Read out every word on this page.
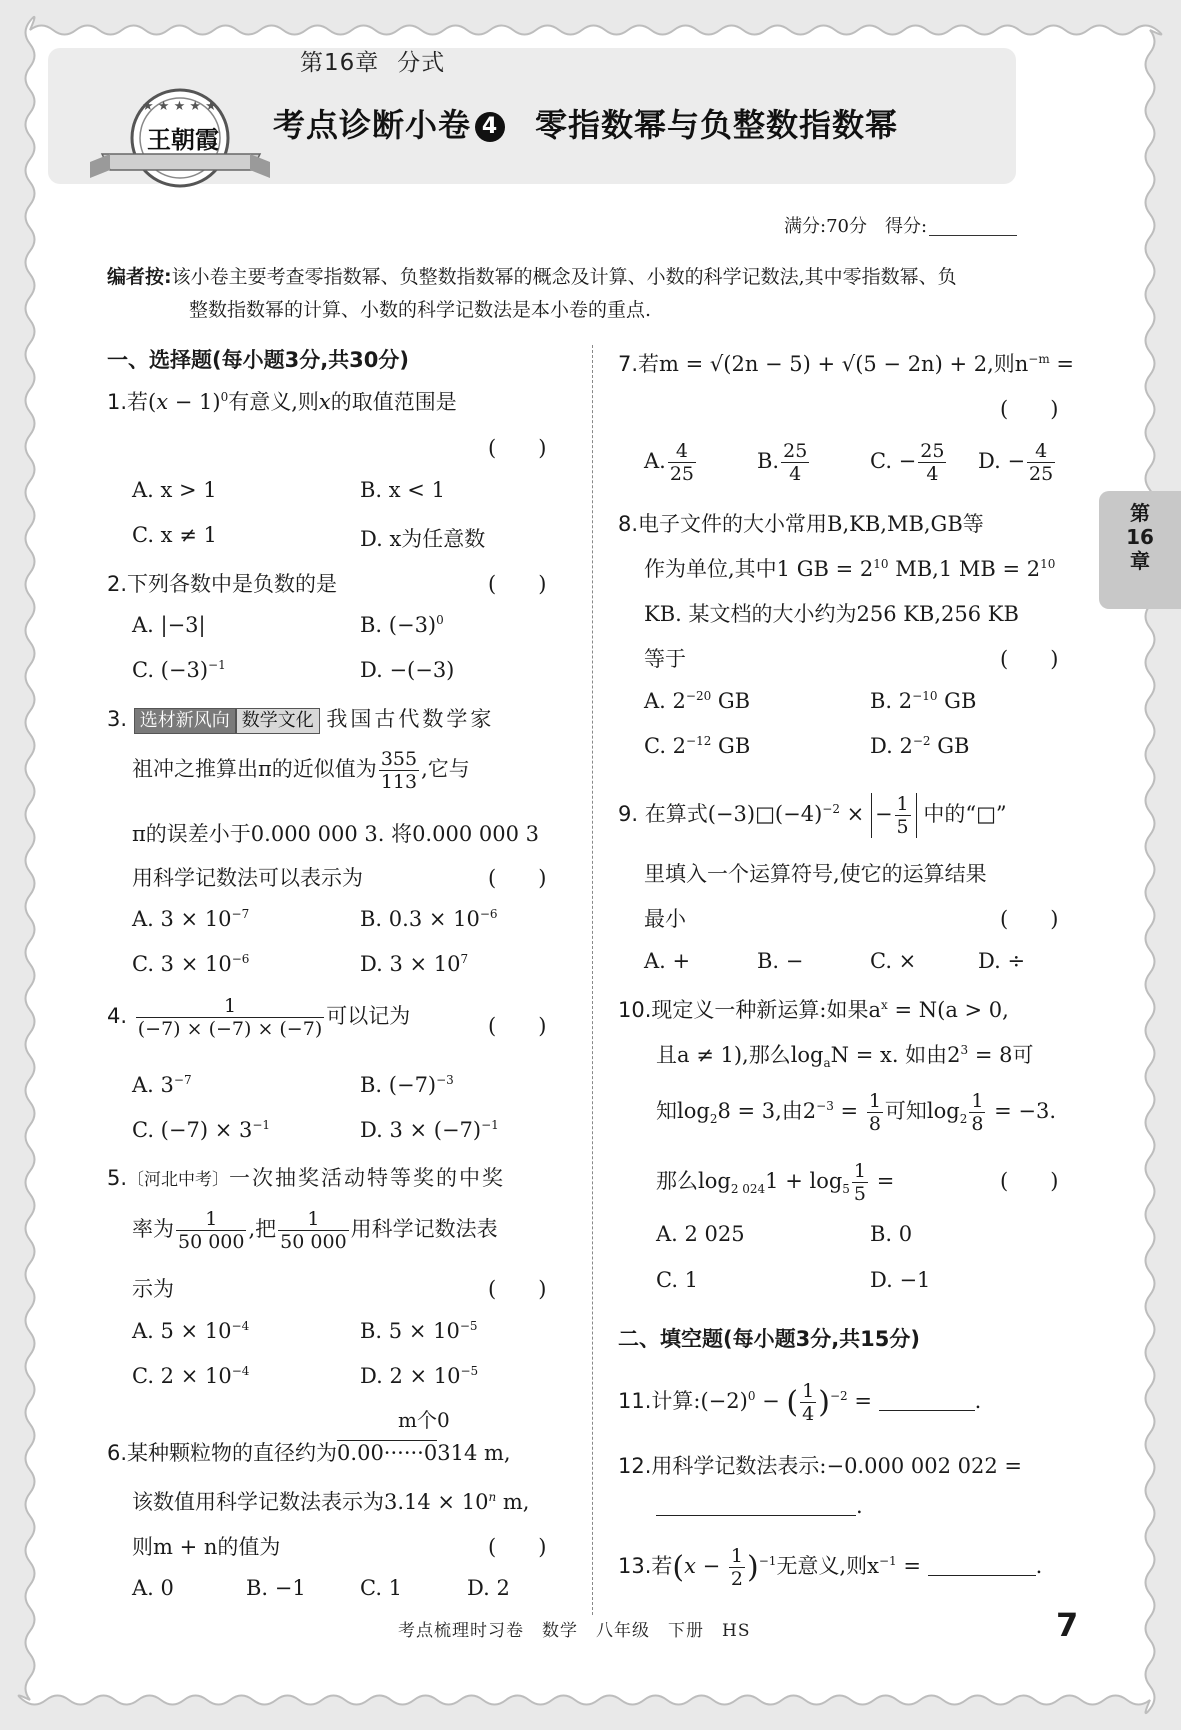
★ ★ ★ ★ ★
王朝霞
第16章 分式
考点诊断小卷 4 零指数幂与负整数指数幂
满分:70分　 得分:
编者按:该小卷主要考查零指数幂、负整数指数幂的概念及计算、小数的科学记数法,其中零指数幂、负
整数指数幂的计算、小数的科学记数法是本小卷的重点.
一、选择题(每小题3分,共30分)
1.若$(x - 1)^0$有意义,则x的取值范围是
(　　)
A. x > 1	B. x < 1
C. x ≠ 1	D. x为任意数
2.下列各数中是负数的是	(　　)
A. |−3|	B. $(-3)^0$
C. $(-3)^{-1}$	D. −(−3)
3. 选材新风向 数学文化 我国古代数学家
祖冲之推算出π的近似值为 $\frac{355}{113}$ ,它与
π的误差小于0.000 000 3. 将0.000 000 3
用科学记数法可以表示为	(　　)
A. $3 \times 10^{-7}$	B. $0.3 \times 10^{-6}$
C. $3 \times 10^{-6}$	D. $3 \times 10^7$
4. $\frac{1}{(-7) \times (-7) \times (-7)}$ 可以记为	(　　)
A. $3^{-7}$	B. $(-7)^{-3}$
C. $(-7) \times 3^{-1}$	D. $3 \times (-7)^{-1}$
5.〔河北中考〕一次抽奖活动特等奖的中奖
率为 $\frac{1}{50 000}$ ,把 $\frac{1}{50 000}$ 用科学记数法表
示为	(　　)
A. $5 \times 10^{-4}$	B. $5 \times 10^{-5}$
C. $2 \times 10^{-4}$	D. $2 \times 10^{-5}$
m个0
6.某种颗粒物的直径约为0.00······0314 m,
该数值用科学记数法表示为$3.14 \times 10^n$ m,
则m + n的值为	(　　)
A. 0	B. −1	C. 1	D. 2
7.若m = √(2n − 5) + √(5 − 2n) + 2,则$n^{-m}$ =
(　　)
A. $\frac{4}{25}$	B. $\frac{25}{4}$	C. − $\frac{25}{4} D$. − $\frac{4}{25}$
8.电子文件的大小常用B,KB,MB,GB等
作为单位,其中1 GB = $2^{10}$ MB,1 MB = $2^{10}$
KB. 某文档的大小约为256 KB,256 KB
等于	(　　)
A. $2^{-20}$ GB	B. $2^{-10}$ GB
C. $2^{-12}$ GB	D. $2^{-2}$ GB
9. 在算式$(-3)□(-4)^{-2}$ × − $\frac{1}{5}$ 中的“□”
里填入一个运算符号,使它的运算结果
最小	(　　)
A. +	B. −	C. ×	D. ÷
10.现定义一种新运算:如果$a^x = N(a > 0$,
且a ≠ 1),那么$\log_aN = x$. 如由$2^3 = 8$可
知$\log_28 = 3$,由$2^{-3} = \frac{1}{8}$ 可知$\log_2 \frac{1}{8} = -3$.
那么$\log_{2 024}1 + \log_5 \frac{1}{5}$ =	(　　)
A. 2 025	B. 0
C. 1	D. −1
二、填空题(每小题3分,共15分)
11.计算$:(-2)^0$ − ( $\frac{1}{4} )^{-2}$ =	.
12.用科学记数法表示:−0.000 002 022 =
.
13.若$(x - \frac{1}{2} )^{-1}$无意义,则$x^{-1}$ =	.
第
16
章
考点梳理时习卷　数学　八年级　下册　HS	7
